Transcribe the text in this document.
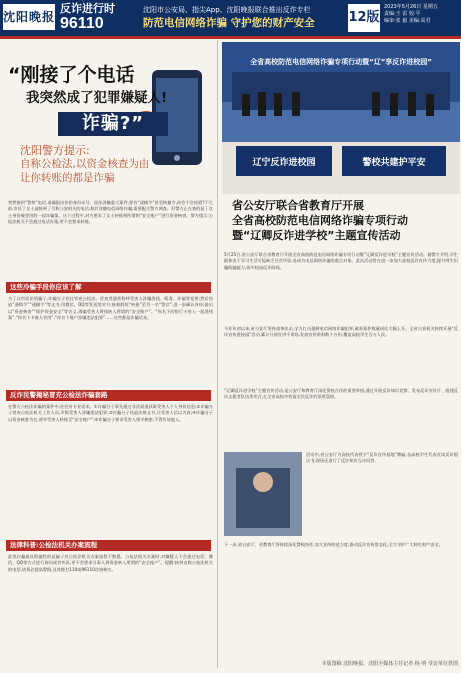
沈阳晚报
反诈进行时
96110
沈阳市公安局、指尖App、沈阳晚报联合推出反诈专栏
防范电信网络诈骗 守护您的财产安全	12版
2023年5月26日 星期五
责编:王 雷 校:平
编审:张 毅 美编:高君
“刚接了个电话
我突然成了犯罪嫌疑人!
诈骗?”
沈阳警方提示:
自称公检法,以资金核查为由
让你转账的都是诈骗
突然接到“警察”电话,准确报出你的身份证号、说你涉嫌重大案件,要有“逮捕令”甚至拘捕令,你会不会惊慌?不久前,市民丁女士就接到了号称公安机关的电话,称其涉嫌电信网络诈骗,需要配合警方调查。但警方正在查的是丁女士身份被冒用的一起诈骗案。这个过程中,对方要求丁女士转账到所谓的“安全账户”进行资金核查。警方提示:公检法机关不会通过电话办案,更不会要求转账。
这些冷骗手段你应该了解
为了让市民识别骗子,诈骗分子往往冒充公检法。冒充者通常称呼受害人涉嫌洗钱、贩毒、诈骗等犯罪;然后伪造“通缉令”“逮捕令”等文书,用微信、QQ等发送给对方;接着假装“转接”至另一名“警官”,进一步确认身份;最后以“资金核查”“保护资金安全”等名义,诱骗受害人将钱转入所谓的“安全账户”。“你名下的银行卡卷入一起洗钱案”,“你名下卡被人冒用”,“你名下账户涉嫌违法犯罪”……这些都是诈骗话术。
反诈民警揭秘冒充公检法诈骗套路
在警方公检法诈骗的案件中,往往有专业话术。①诈骗分子事先通过非法渠道获取受害人个人身份信息;②诈骗分子冒充公检法机关工作人员,声称受害人涉嫌违法犯罪;③诈骗分子伪造法律文书,让受害人信以为真;④诈骗分子以资金核查为名,诱导受害人转账至“安全账户”;⑤诈骗分子要求受害人保守秘密,不得告诉他人。
法律科普:公检法机关办案流程
此类诈骗最具欺骗性的是骗子对公检法机关办案流程不熟悉。公检法机关办案时,对嫌疑人不会通过电话、微信、QQ等方式进行询问或者传讯,更不会要求当事人将资金转入所谓的“安全账户”。提醒:接到自称公检法机关的电话,请务必提高警惕,及时拨打110或96110咨询核实。
全省高校防范电信网络诈骗专项行动暨“辽”享反诈进校园”
辽宁反诈进校园	警校共建护平安
省公安厅联合省教育厅开展
全省高校防范电信网络诈骗专项行动
暨“辽卿反诈进学校”主题宣传活动
5月25日,省公安厅联合省教育厅开展全省高校防范电信网络诈骗专项行动暨“辽卿反诈进学校”主题宣传活动。据警方介绍,学生群体由于学习生活可能缺乏社会经验,易成为电信网络诈骗的重点对象。此次活动旨在进一步加大高校反诈宣传力度,提升师生识骗防骗能力,筑牢校园反诈防线。
今年年初以来,省公安厅坚持重拳出击,全力打击遏制电信网络诈骗犯罪,破获案件数量同比大幅上升。全省公安机关持续开展“反诈宣传进校园”活动,累计开展宣讲千余场,发放宣传资料数十万份,覆盖高校学生百万人次。
“辽卿反诈进学校”主题宣传活动,是公安厅和教育厅深化警校合作的重要举措,通过开展反诈知识竞赛、发布反诈宣传片、组建反诈志愿者队伍等形式,在全省高校中营造全民反诈的浓厚氛围。
活动中,省公安厅为高校代表授予“反诈宣传基地”牌匾,各高校学生代表宣读反诈倡议书,现场还进行了反诈知识互动问答。
下一步,省公安厅、省教育厅将持续深化警校协作,加大宣传防范力度,推动反诈宣传常态化,全力守护广大师生财产安全。
本版图稿 沈阳晚报、沈阳全媒体主任记者 杨 明 受访单位供图
